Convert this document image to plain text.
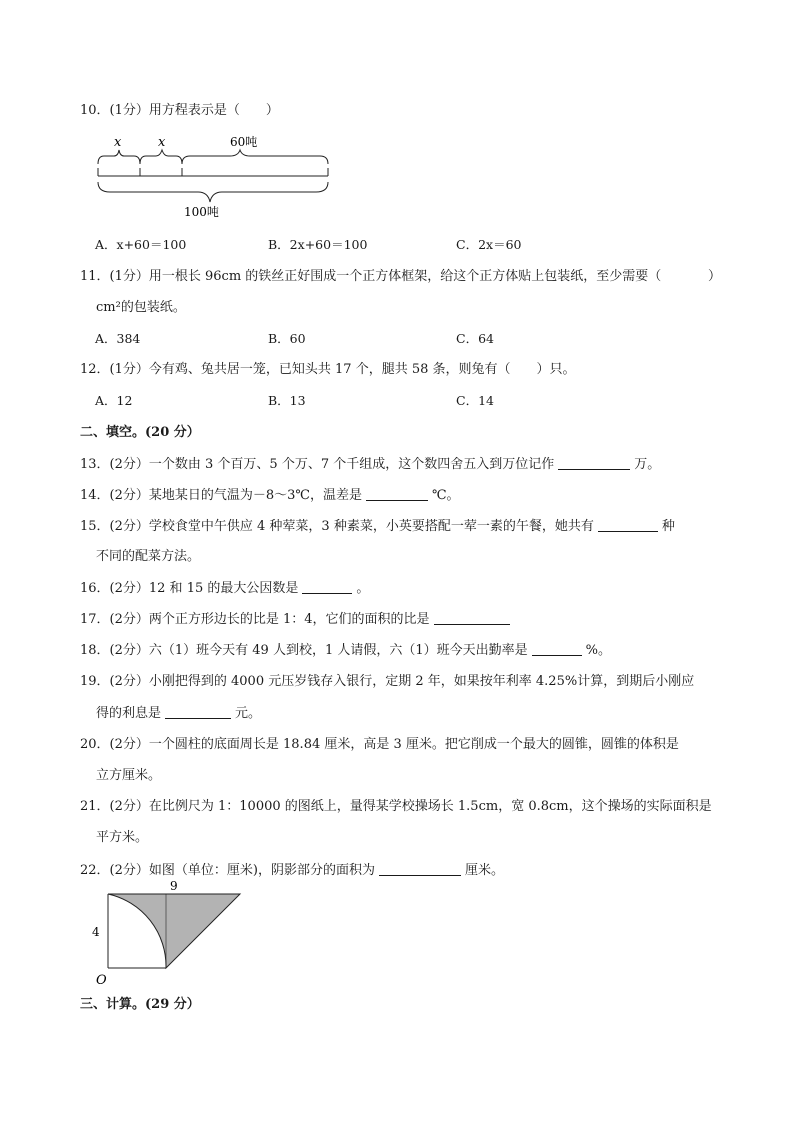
10．(1分）用方程表示是（　　）
x	x	60吨
100吨
A．x+60＝100	B．2x+60＝100	C．2x＝60
11．(1分）用一根长 96cm 的铁丝正好围成一个正方体框架，给这个正方体贴上包装纸，至少需要（	）
cm²的包装纸。
A．384	B．60	C．64
12．(1分）今有鸡、兔共居一笼，已知头共 17 个，腿共 58 条，则兔有（　　）只。
A．12	B．13	C．14
二、填空。(20 分）
13．(2分）一个数由 3 个百万、5 个万、7 个千组成，这个数四舍五入到万位记作	万。
14．(2分）某地某日的气温为－8～3℃，温差是	℃。
15．(2分）学校食堂中午供应 4 种荤菜，3 种素菜，小英要搭配一荤一素的午餐，她共有	种
不同的配菜方法。
16．(2分）12 和 15 的最大公因数是	。
17．(2分）两个正方形边长的比是 1：4，它们的面积的比是
18．(2分）六（1）班今天有 49 人到校，1 人请假，六（1）班今天出勤率是	%。
19．(2分）小刚把得到的 4000 元压岁钱存入银行，定期 2 年，如果按年利率 4.25%计算，到期后小刚应
得的利息是	元。
20．(2分）一个圆柱的底面周长是 18.84 厘米，高是 3 厘米。把它削成一个最大的圆锥，圆锥的体积是
立方厘米。
21．(2分）在比例尺为 1：10000 的图纸上，量得某学校操场长 1.5cm，宽 0.8cm，这个操场的实际面积是
平方米。
22．(2分）如图（单位：厘米)，阴影部分的面积为	厘米。
9
4
O
三、计算。(29 分）
